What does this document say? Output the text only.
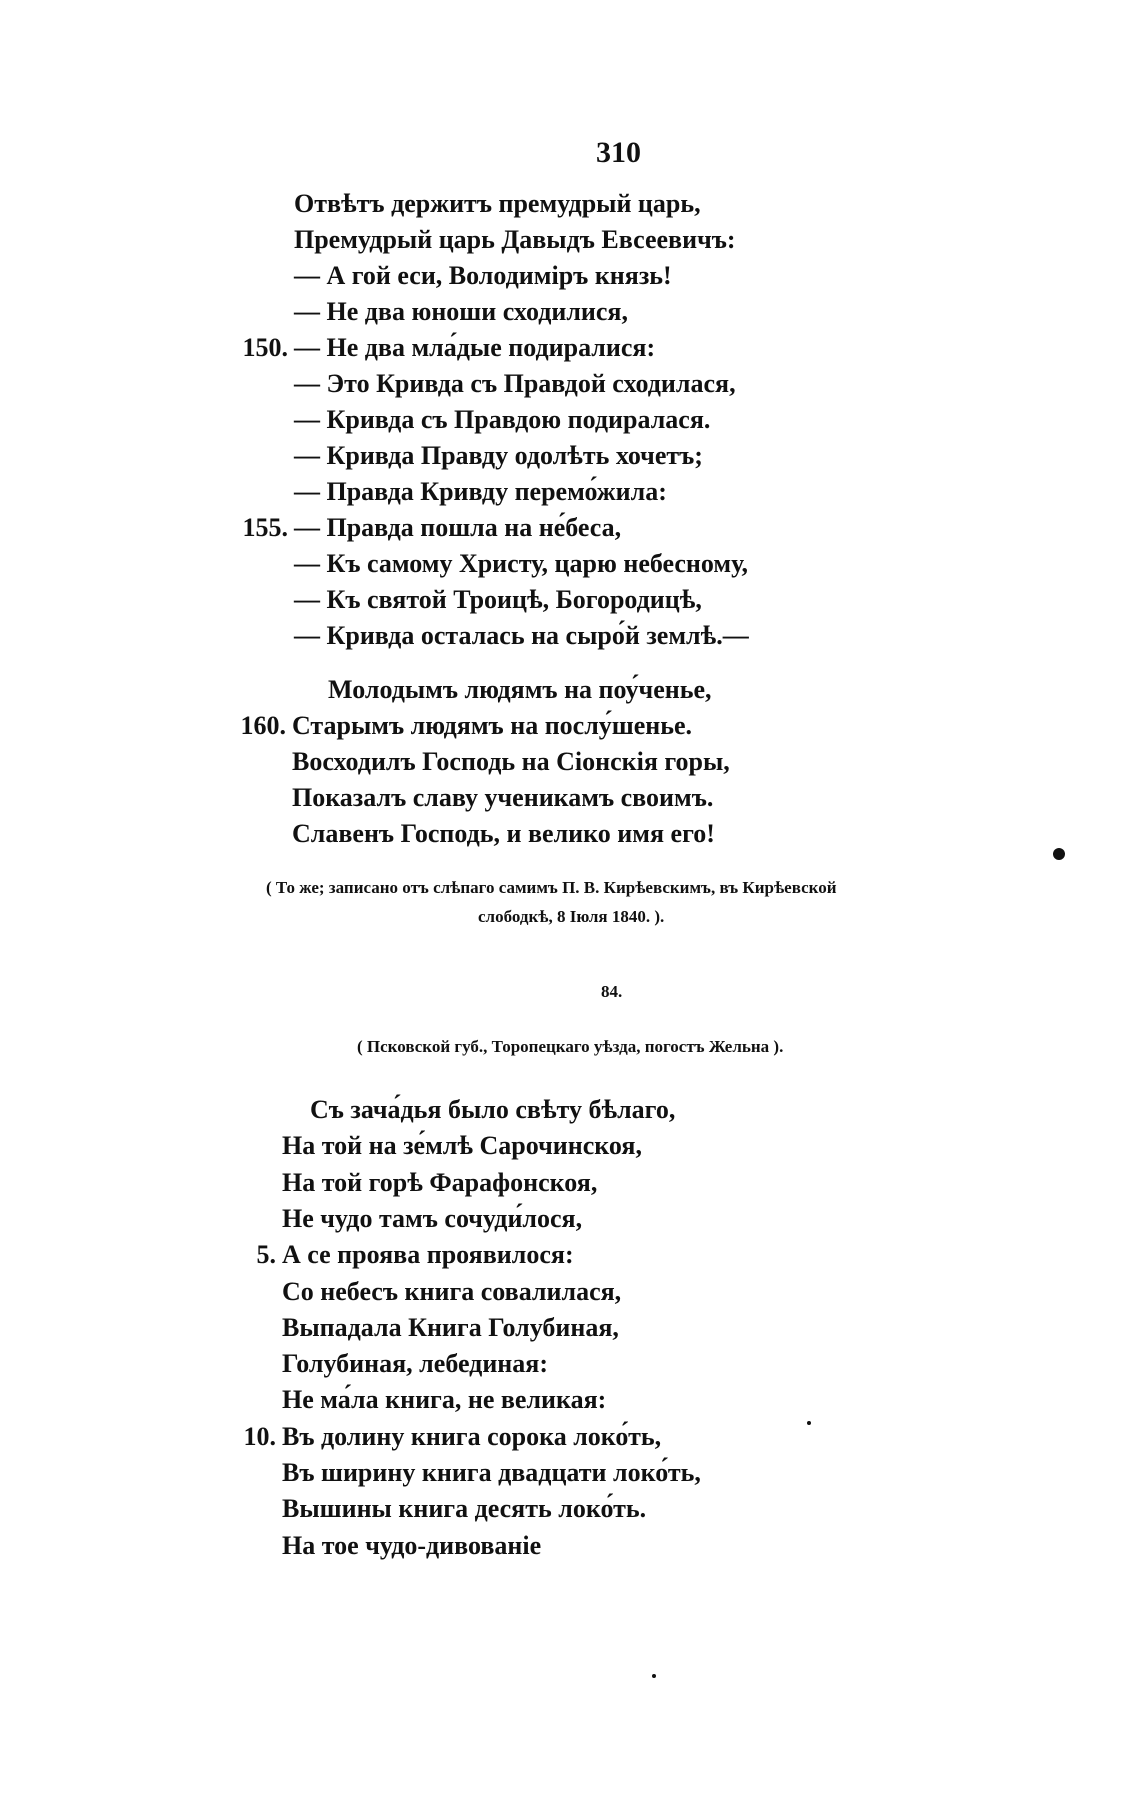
310
Отвѣтъ держитъ премудрый царь,
Премудрый царь Давыдъ Евсеевичъ:
— А гой еси, Володиміръ князь!
— Не два юноши сходилися,
150. — Не два мла́дые подиралися:
— Это Кривда съ Правдой сходилася,
— Кривда съ Правдою подиралася.
— Кривда Правду одолѣть хочетъ;
— Правда Кривду перемо́жила:
155. — Правда пошла на не́беса,
— Къ самому Христу, царю небесному,
— Къ святой Троицѣ, Богородицѣ,
— Кривда осталась на сыро́й землѣ.—
Молодымъ людямъ на поу́ченье,
160. Старымъ людямъ на послу́шенье.
Восходилъ Господь на Сіонскія горы,
Показалъ славу ученикамъ своимъ.
Славенъ Господь, и велико имя его!
( То же; записано отъ слѣпаго самимъ П. В. Кирѣевскимъ, въ Кирѣевской
слободкѣ, 8 Іюля 1840. ).
84.
( Псковской губ., Торопецкаго уѣзда, погостъ Жельна ).
Съ зача́дья было свѣту бѣлаго,
На той на зе́млѣ Сарочинскоя,
На той горѣ Фарафонскоя,
Не чудо тамъ сочуди́лося,
5. А се проява проявилося:
Со небесъ книга совалилася,
Выпадала Книга Голубиная,
Голубиная, лебединая:
Не ма́ла книга, не великая:
10. Въ долину книга сорока локо́ть,
Въ ширину книга двадцати локо́ть,
Вышины книга десять локо́ть.
На тое чудо-дивованіе
